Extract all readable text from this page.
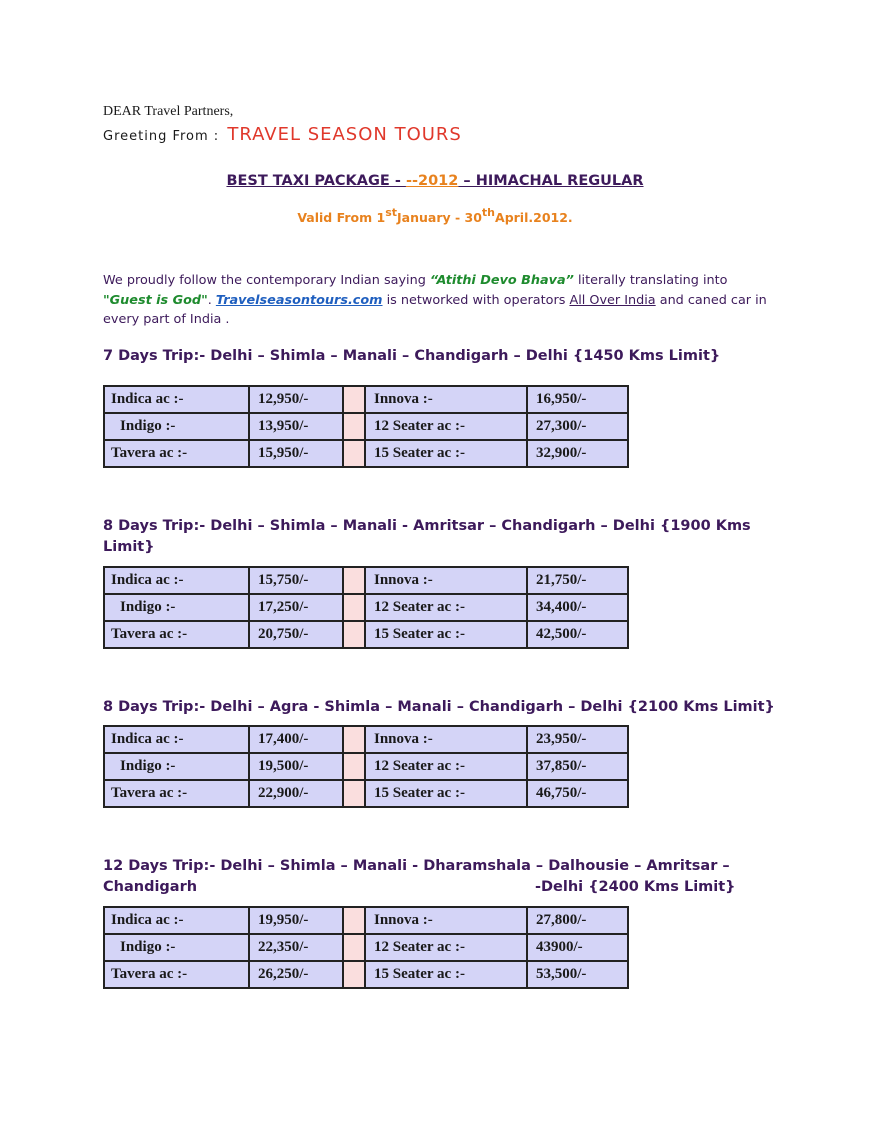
DEAR Travel Partners,
Greeting From : TRAVEL SEASON TOURS
BEST TAXI PACKAGE - --2012 – HIMACHAL REGULAR
Valid From 1stJanuary - 30thApril.2012.
We proudly follow the contemporary Indian saying “Atithi Devo Bhava” literally translating into "Guest is God". Travelseasontours.com is networked with operators All Over India and caned car in every part of India .
7 Days Trip:- Delhi – Shimla – Manali – Chandigarh – Delhi {1450 Kms Limit}
Indica ac :-	12,950/-		Innova :-	16,950/-
Indigo :-	13,950/-		12 Seater ac :-	27,300/-
Tavera ac :-	15,950/-		15 Seater ac :-	32,900/-
8 Days Trip:- Delhi – Shimla – Manali - Amritsar – Chandigarh – Delhi {1900 Kms Limit}
Indica ac :-	15,750/-		Innova :-	21,750/-
Indigo :-	17,250/-		12 Seater ac :-	34,400/-
Tavera ac :-	20,750/-		15 Seater ac :-	42,500/-
8 Days Trip:- Delhi – Agra - Shimla – Manali – Chandigarh – Delhi {2100 Kms Limit}
Indica ac :-	17,400/-		Innova :-	23,950/-
Indigo :-	19,500/-		12 Seater ac :-	37,850/-
Tavera ac :-	22,900/-		15 Seater ac :-	46,750/-
12 Days Trip:- Delhi – Shimla – Manali - Dharamshala – Dalhousie – Amritsar –
Chandigarh	-Delhi {2400 Kms Limit}
Indica ac :-	19,950/-		Innova :-	27,800/-
Indigo :-	22,350/-		12 Seater ac :-	43900/-
Tavera ac :-	26,250/-		15 Seater ac :-	53,500/-
